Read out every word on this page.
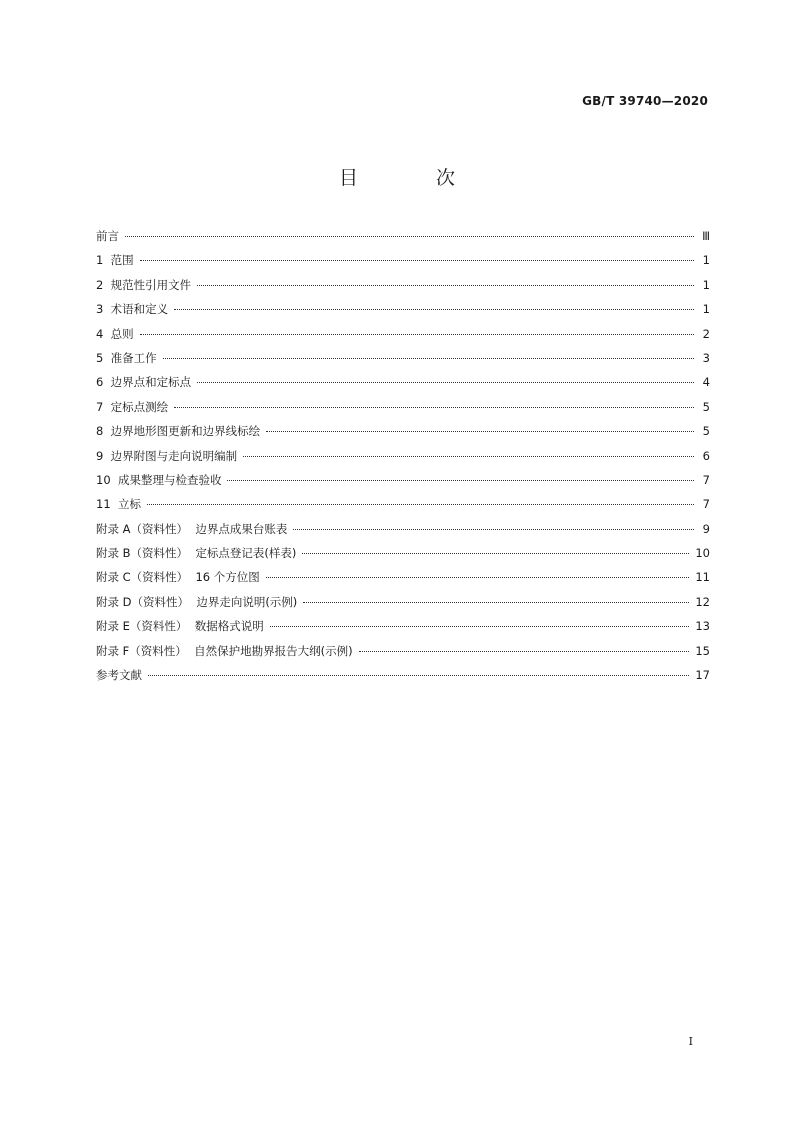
GB/T 39740—2020
目 次
前言	Ⅲ
1  范围	1
2  规范性引用文件	1
3  术语和定义	1
4  总则	2
5  准备工作	3
6  边界点和定标点	4
7  定标点测绘	5
8  边界地形图更新和边界线标绘	5
9  边界附图与走向说明编制	6
10  成果整理与检查验收	7
11  立标	7
附录 A（资料性）  边界点成果台账表	9
附录 B（资料性）  定标点登记表(样表)	10
附录 C（资料性）  16 个方位图	11
附录 D（资料性）  边界走向说明(示例)	12
附录 E（资料性）  数据格式说明	13
附录 F（资料性）  自然保护地勘界报告大纲(示例)	15
参考文献	17
Ⅰ
